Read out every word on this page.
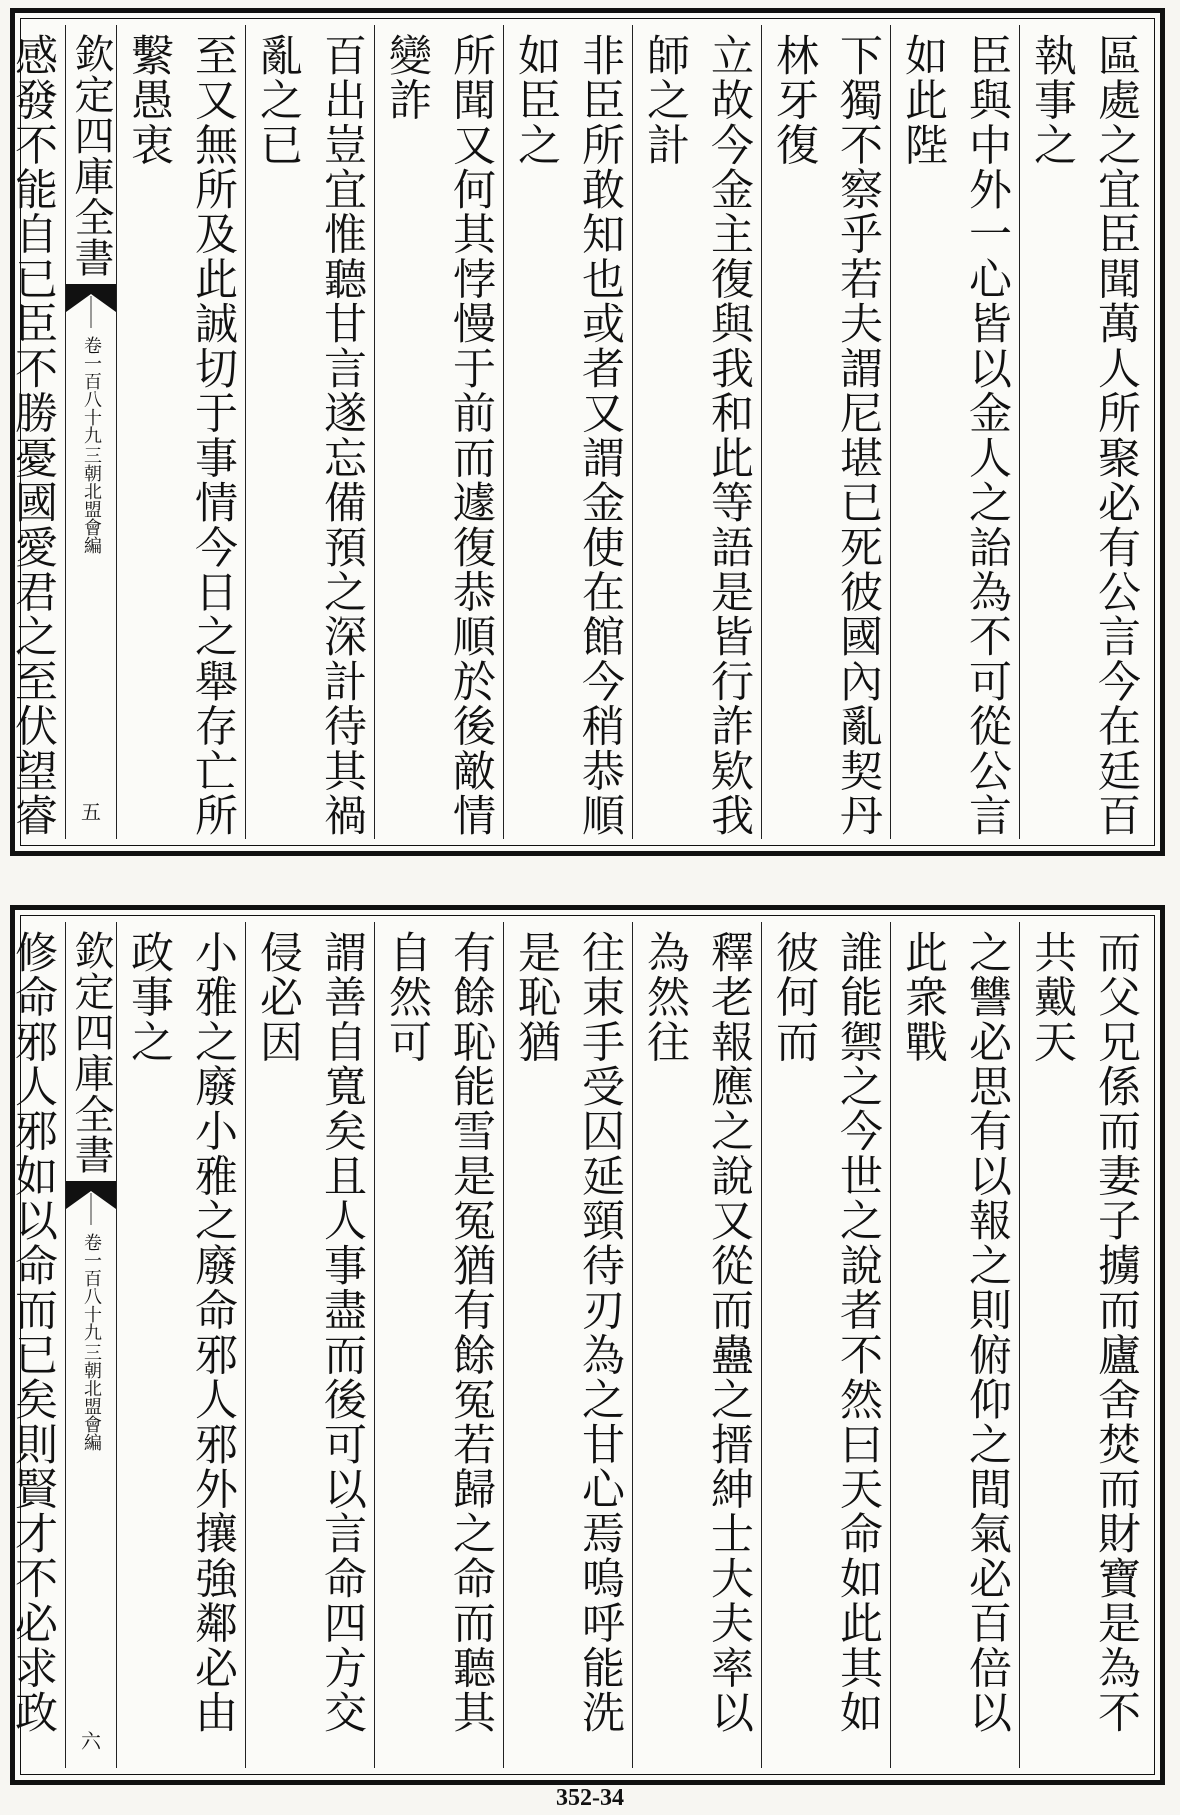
區處之宜臣聞萬人所聚必有公言今在廷百執事之
臣與中外一心皆以金人之詒為不可從公言如此陛
下獨不察乎若夫謂尼堪已死彼國內亂契丹林牙復
立故今金主復與我和此等語是皆行詐欵我師之計
非臣所敢知也或者又謂金使在館今稍恭順如臣之
所聞又何其悖慢于前而遽復恭順於後敵情變詐
百出豈宜惟聽甘言遂忘備預之深計待其禍亂之已
至又無所及此誠切于事情今日之舉存亡所繫愚衷
欽定四庫全書
三朝北盟會編
卷一百八十九
五
感發不能自已臣不勝憂國愛君之至伏望睿
而父兄係而妻子擄而廬舍焚而財寶是為不共戴天
之讐必思有以報之則俯仰之間氣必百倍以此衆戰
誰能禦之今世之說者不然曰天命如此其如彼何而
釋老報應之說又從而蠱之搢紳士大夫率以為然往
往束手受囚延頸待刃為之甘心焉嗚呼能洗是恥猶
有餘恥能雪是冤猶有餘冤若歸之命而聽其自然可
謂善自寬矣且人事盡而後可以言命四方交侵必因
小雅之廢小雅之廢命邪人邪外攘強鄰必由政事之
欽定四庫全書
三朝北盟會編
卷一百八十九
六
修命邪人邪如以命而已矣則賢才不必求政
352-34
